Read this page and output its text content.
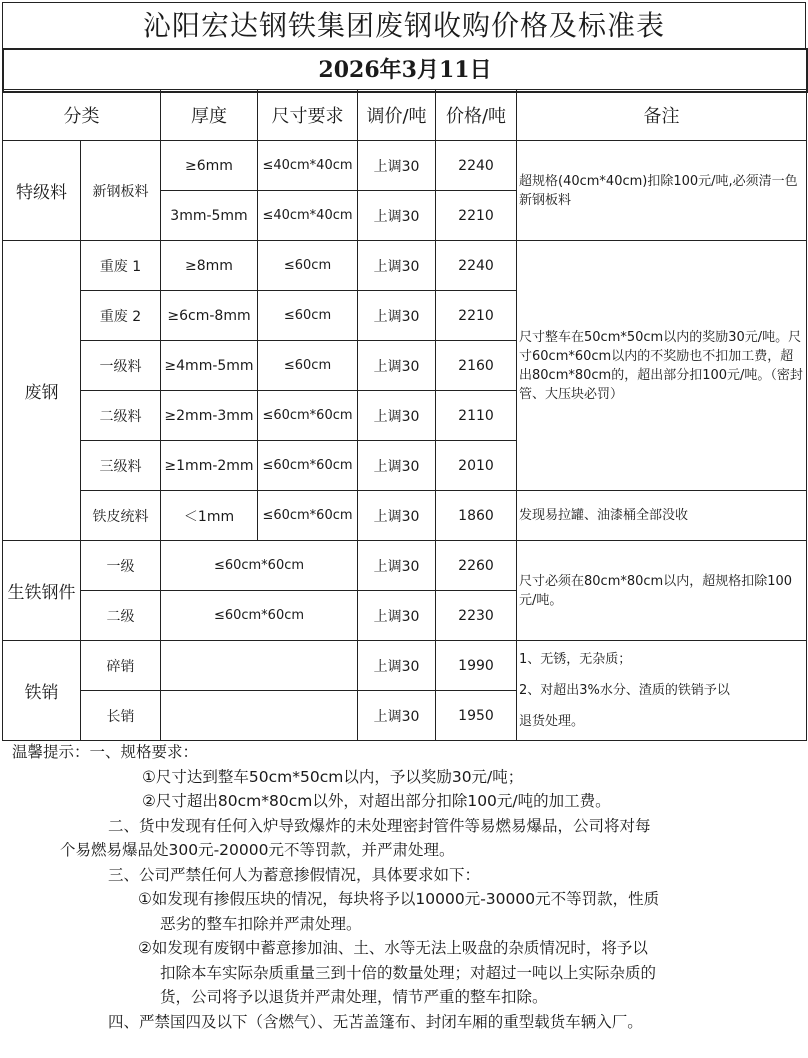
沁阳宏达钢铁集团废钢收购价格及标准表
2026年3月11日
分类		厚度	尺寸要求	调价/吨	价格/吨	备注
特级料	新钢板料	≥6mm	≤40cm*40cm	上调30	2240	超规格(40cm*40cm)扣除100元/吨,必须清一色新钢板料
		3mm-5mm	≤40cm*40cm	上调30	2210	
废钢	重废 1	≥8mm	≤60cm	上调30	2240	尺寸整车在50cm*50cm以内的奖励30元/吨。尺寸60cm*60cm以内的不奖励也不扣加工费，超出80cm*80cm的，超出部分扣100元/吨。（密封管、大压块必罚）
	重废 2	≥6cm-8mm	≤60cm	上调30	2210	
	一级料	≥4mm-5mm	≤60cm	上调30	2160	
	二级料	≥2mm-3mm	≤60cm*60cm	上调30	2110	
	三级料	≥1mm-2mm	≤60cm*60cm	上调30	2010	
	铁皮统料	＜1mm	≤60cm*60cm	上调30	1860	发现易拉罐、油漆桶全部没收
生铁钢件	一级	≤60cm*60cm		上调30	2260	尺寸必须在80cm*80cm以内，超规格扣除100元/吨。
	二级	≤60cm*60cm		上调30	2230	
铁销	碎销			上调30	1990	1、无锈，无杂质；
2、对超出3%水分、渣质的铁销予以
退货处理。

	长销			上调30	1950	
温馨提示：一、规格要求：
①尺寸达到整车50cm*50cm以内，予以奖励30元/吨；
②尺寸超出80cm*80cm以外，对超出部分扣除100元/吨的加工费。
二、货中发现有任何入炉导致爆炸的未处理密封管件等易燃易爆品，公司将对每
个易燃易爆品处300元-20000元不等罚款，并严肃处理。
三、公司严禁任何人为蓄意掺假情况，具体要求如下：
①如发现有掺假压块的情况，每块将予以10000元-30000元不等罚款，性质
恶劣的整车扣除并严肃处理。
②如发现有废钢中蓄意掺加油、土、水等无法上吸盘的杂质情况时，将予以
扣除本车实际杂质重量三到十倍的数量处理；对超过一吨以上实际杂质的
货，公司将予以退货并严肃处理，情节严重的整车扣除。
四、严禁国四及以下（含燃气）、无苫盖篷布、封闭车厢的重型载货车辆入厂。
